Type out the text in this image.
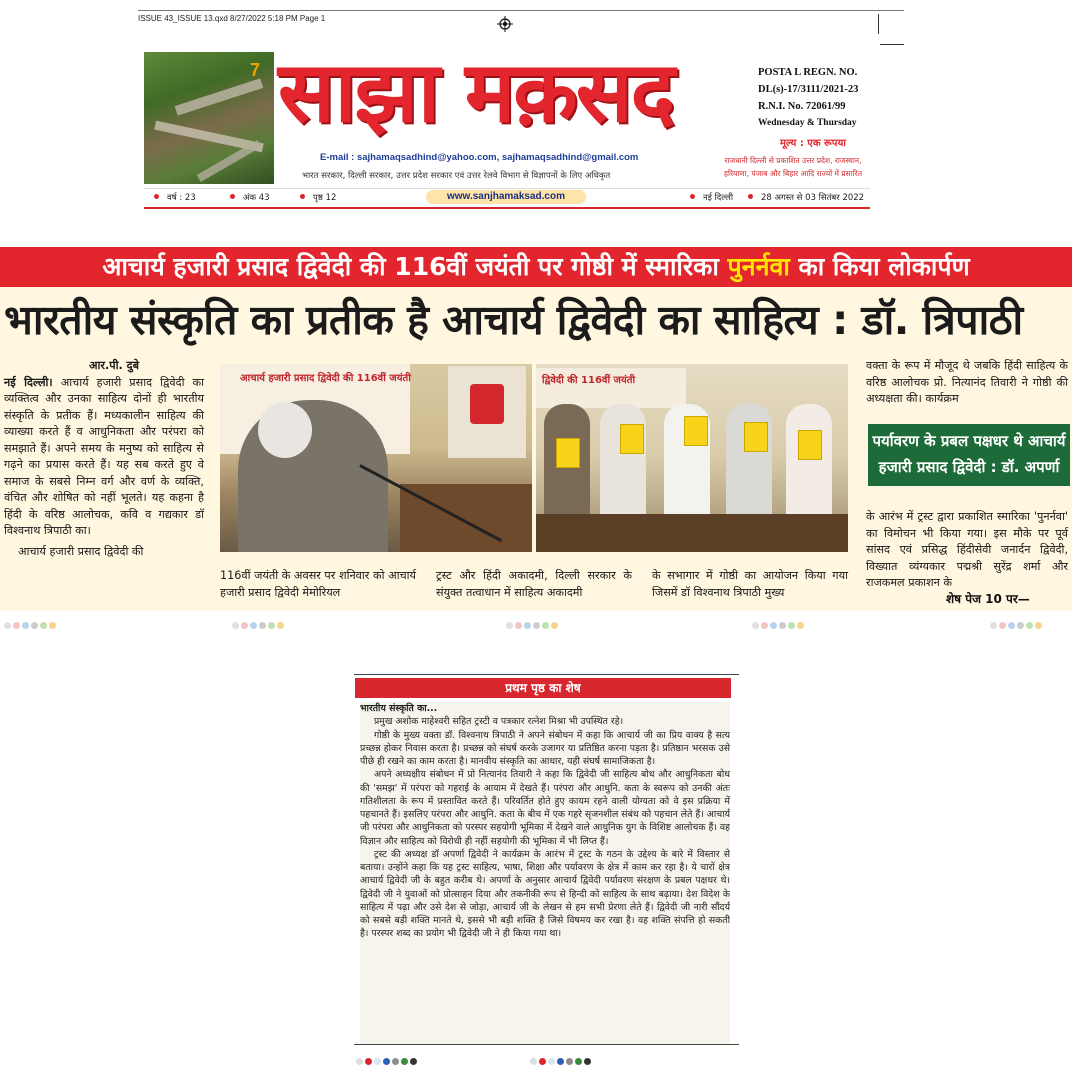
ISSUE 43_ISSUE 13.qxd 8/27/2022 5:18 PM Page 1
7 साझा मक़सद
E-mail : sajhamaqsadhind@yahoo.com, sajhamaqsadhind@gmail.com
भारत सरकार, दिल्ली सरकार, उत्तर प्रदेश सरकार एवं उत्तर रेलवे विभाग से विज्ञापनों के लिए अधिकृत
POSTA L REGN. NO.
DL(s)-17/3111/2021-23
R.N.I. No. 72061/99
Wednesday & Thursday
मूल्य : एक रूपया
राजधानी दिल्ली से प्रकाशित उत्तर प्रदेश, राजस्थान, हरियाणा, पंजाब और बिहार आदि राज्यों में प्रसारित
वर्ष : 23	अंक 43	पृष्ठ 12	www.sanjhamaksad.com	नई दिल्ली	28 अगस्त से 03 सितंबर 2022
आचार्य हजारी प्रसाद द्विवेदी की 116वीं जयंती पर गोष्ठी में स्मारिका पुनर्नवा का किया लोकार्पण
भारतीय संस्कृति का प्रतीक है आचार्य द्विवेदी का साहित्य : डॉ. त्रिपाठी

आर.पी. दुबे

नई दिल्ली। आचार्य हजारी प्रसाद द्विवेदी का व्यक्तित्व और उनका साहित्य दोनों ही भारतीय संस्कृति के प्रतीक हैं। मध्यकालीन साहित्य की व्याख्या करते हैं व आधुनिकता और परंपरा को समझाते हैं। अपने समय के मनुष्य को साहित्य से गढ़ने का प्रयास करते हैं। यह सब करते हुए वे समाज के सबसे निम्न वर्ग और वर्ण के व्यक्ति, वंचित और शोषित को नहीं भूलते। यह कहना है हिंदी के वरिष्ठ आलोचक, कवि व गद्यकार डॉ विश्वनाथ त्रिपाठी का।

आचार्य हजारी प्रसाद द्विवेदी की

आचार्य हजारी प्रसाद द्विवेदी की 116वीं जयंती	द्विवेदी की 116वीं जयंती
116वीं जयंती के अवसर पर शनिवार को आचार्य हजारी प्रसाद द्विवेदी मेमोरियल
ट्रस्ट और हिंदी अकादमी, दिल्ली सरकार के संयुक्त तत्वाधान में साहित्य अकादमी
के सभागार में गोष्ठी का आयोजन किया गया जिसमें डॉ विश्वनाथ त्रिपाठी मुख्य

वक्ता के रूप में मौजूद थे जबकि हिंदी साहित्य के वरिष्ठ आलोचक प्रो. नित्यानंद तिवारी ने गोष्ठी की अध्यक्षता की। कार्यक्रम

पर्यावरण के प्रबल पक्षधर थे आचार्य
हजारी प्रसाद द्विवेदी : डॉ. अपर्णा

के आरंभ में ट्रस्ट द्वारा प्रकाशित स्मारिका 'पुनर्नवा' का विमोचन भी किया गया। इस मौके पर पूर्व सांसद एवं प्रसिद्ध हिंदीसेवी जनार्दन द्विवेदी, विख्यात व्यंग्यकार पद्मश्री सुरेंद्र शर्मा और राजकमल प्रकाशन के

शेष पेज 10 पर—
प्रथम पृष्ठ का शेष

भारतीय संस्कृति का...

प्रमुख अशोक माहेश्वरी सहित ट्रस्टी व पत्रकार रत्नेश मिश्रा भी उपस्थित रहे।

गोष्ठी के मुख्य वक्ता डॉ. विश्वनाथ त्रिपाठी ने अपने संबोधन में कहा कि आचार्य जी का प्रिय वाक्य है सत्य प्रच्छन्न होकर निवास करता है। प्रच्छन्न को संघर्ष करके उजागर या प्रतिष्ठित करना पड़ता है। प्रतिष्ठान भरसक उसे पीछे ही रखने का काम करता है। मानवीय संस्कृति का आधार, यही संघर्ष सामाजिकता है।

अपने अध्यक्षीय संबोधन में प्रो नित्यानंद तिवारी ने कहा कि द्विवेदी जी साहित्य बोध और आधुनिकता बोध की 'समझ' में परंपरा को गहराई के आयाम में देखते हैं। परंपरा और आधुनि. कता के स्वरूप को उनकी अंतः गतिशीलता के रूप में प्रस्तावित करते हैं। परिवर्तित होते हुए कायम रहने वाली योग्यता को वे इस प्रक्रिया में पहचानते हैं। इसलिए परंपरा और आधुनि. कता के बीच में एक गहरे सृजनशील संबंध को पहचान लेते हैं। आचार्य जी परंपरा और आधुनिकता को परस्पर सहयोगी भूमिका में देखने वाले आधुनिक युग के विशिष्ट आलोचक हैं। वह विज्ञान और साहित्य को विरोधी ही नहीं सहयोगी की भूमिका में भी लिप्त हैं।

ट्रस्ट की अध्यक्ष डॉ अपर्णा द्विवेदी ने कार्यक्रम के आरंभ में ट्रस्ट के गठन के उद्देश्य के बारे में विस्तार से बताया। उन्होंने कहा कि यह ट्रस्ट साहित्य, भाषा, शिक्षा और पर्यावरण के क्षेत्र में काम कर रहा है। ये चारों क्षेत्र आचार्य द्विवेदी जी के बहुत करीब थे। अपर्णा के अनुसार आचार्य द्विवेदी पर्यावरण संरक्षण के प्रबल पक्षधर थे। द्विवेदी जी ने युवाओं को प्रोत्साहन दिया और तकनीकी रूप से हिन्दी को साहित्य के साथ बढ़ाया। देश विदेश के साहित्य में पढ़ा और उसे देश से जोड़ा, आचार्य जी के लेखन से हम सभी प्रेरणा लेते हैं। द्विवेदी जी नारी सौंदर्य को सबसे बड़ी शक्ति मानते थे, इससे भी बड़ी शक्ति है जिसे विषमय कर रखा है। वह शक्ति संपत्ति हो सकती है। परस्पर शब्द का प्रयोग भी द्विवेदी जी ने ही किया गया था।
